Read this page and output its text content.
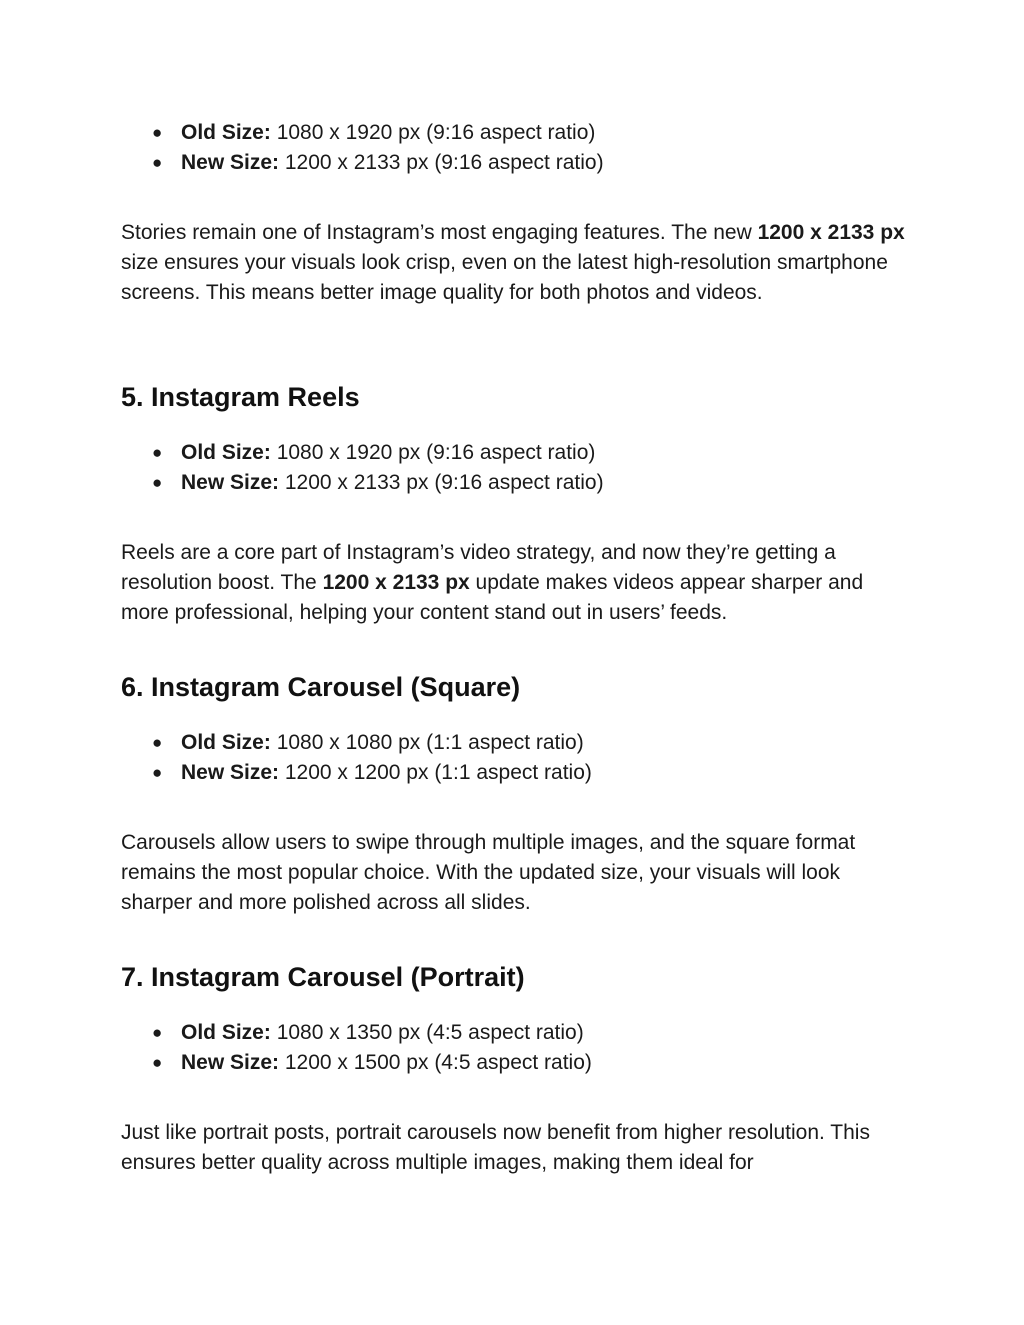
● Old Size: 1080 x 1920 px (9:16 aspect ratio)
● New Size: 1200 x 2133 px (9:16 aspect ratio)

Stories remain one of Instagram’s most engaging features. The new 1200 x 2133 px size ensures your visuals look crisp, even on the latest high-resolution smartphone screens. This means better image quality for both photos and videos.

5. Instagram Reels
● Old Size: 1080 x 1920 px (9:16 aspect ratio)
● New Size: 1200 x 2133 px (9:16 aspect ratio)

Reels are a core part of Instagram’s video strategy, and now they’re getting a resolution boost. The 1200 x 2133 px update makes videos appear sharper and more professional, helping your content stand out in users’ feeds.

6. Instagram Carousel (Square)
● Old Size: 1080 x 1080 px (1:1 aspect ratio)
● New Size: 1200 x 1200 px (1:1 aspect ratio)

Carousels allow users to swipe through multiple images, and the square format remains the most popular choice. With the updated size, your visuals will look sharper and more polished across all slides.

7. Instagram Carousel (Portrait)
● Old Size: 1080 x 1350 px (4:5 aspect ratio)
● New Size: 1200 x 1500 px (4:5 aspect ratio)

Just like portrait posts, portrait carousels now benefit from higher resolution. This ensures better quality across multiple images, making them ideal for
